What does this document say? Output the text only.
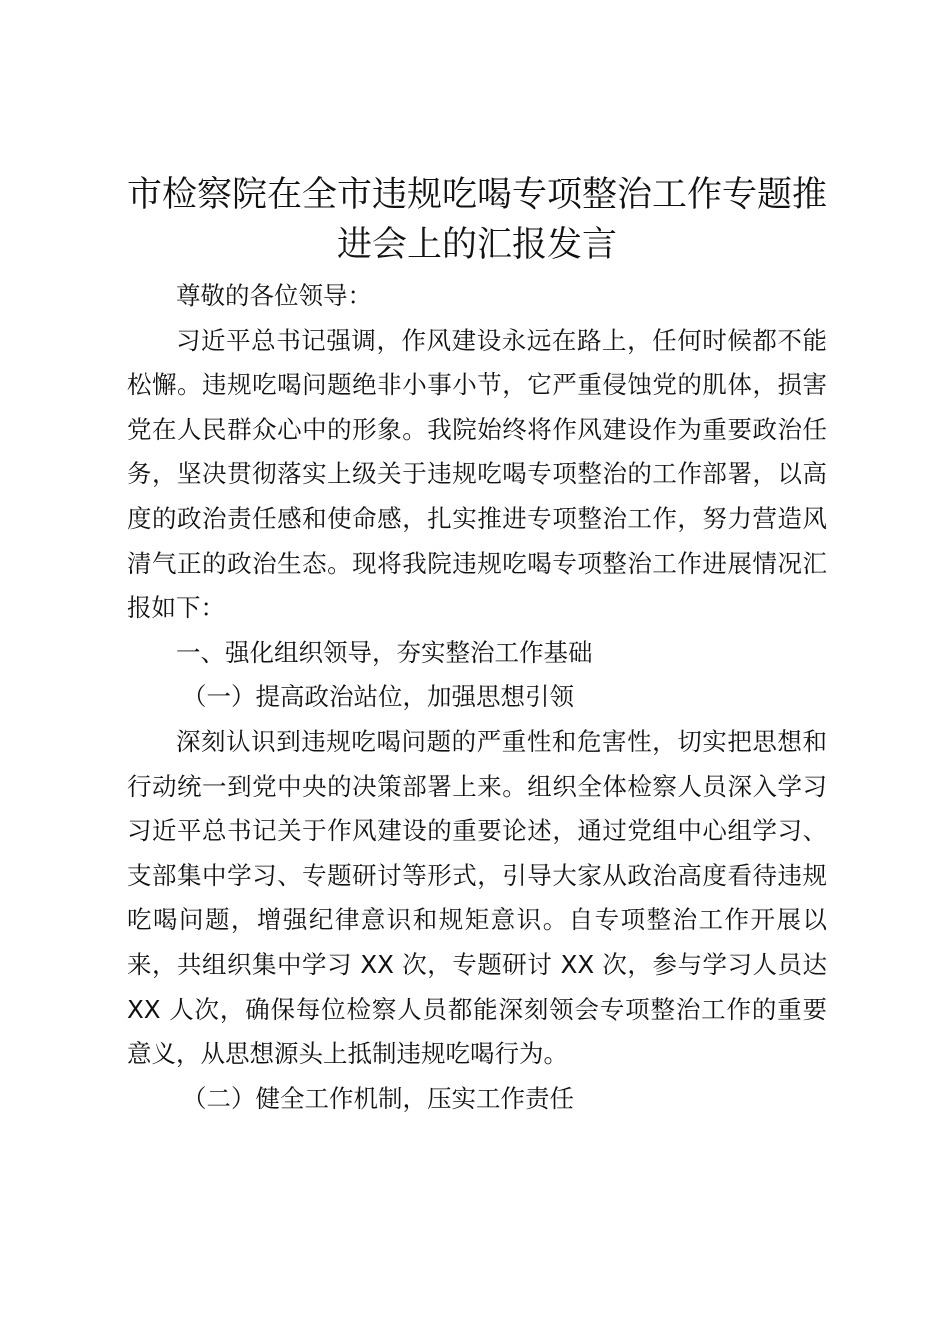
市检察院在全市违规吃喝专项整治工作专题推进会上的汇报发言

尊敬的各位领导：

习近平总书记强调，作风建设永远在路上，任何时候都不能松懈。违规吃喝问题绝非小事小节，它严重侵蚀党的肌体，损害党在人民群众心中的形象。我院始终将作风建设作为重要政治任务，坚决贯彻落实上级关于违规吃喝专项整治的工作部署，以高度的政治责任感和使命感，扎实推进专项整治工作，努力营造风清气正的政治生态。现将我院违规吃喝专项整治工作进展情况汇报如下：

一、强化组织领导，夯实整治工作基础

（一）提高政治站位，加强思想引领

深刻认识到违规吃喝问题的严重性和危害性，切实把思想和行动统一到党中央的决策部署上来。组织全体检察人员深入学习习近平总书记关于作风建设的重要论述，通过党组中心组学习、支部集中学习、专题研讨等形式，引导大家从政治高度看待违规吃喝问题，增强纪律意识和规矩意识。自专项整治工作开展以来，共组织集中学习 XX 次，专题研讨 XX 次，参与学习人员达 XX 人次，确保每位检察人员都能深刻领会专项整治工作的重要意义，从思想源头上抵制违规吃喝行为。

（二）健全工作机制，压实工作责任
